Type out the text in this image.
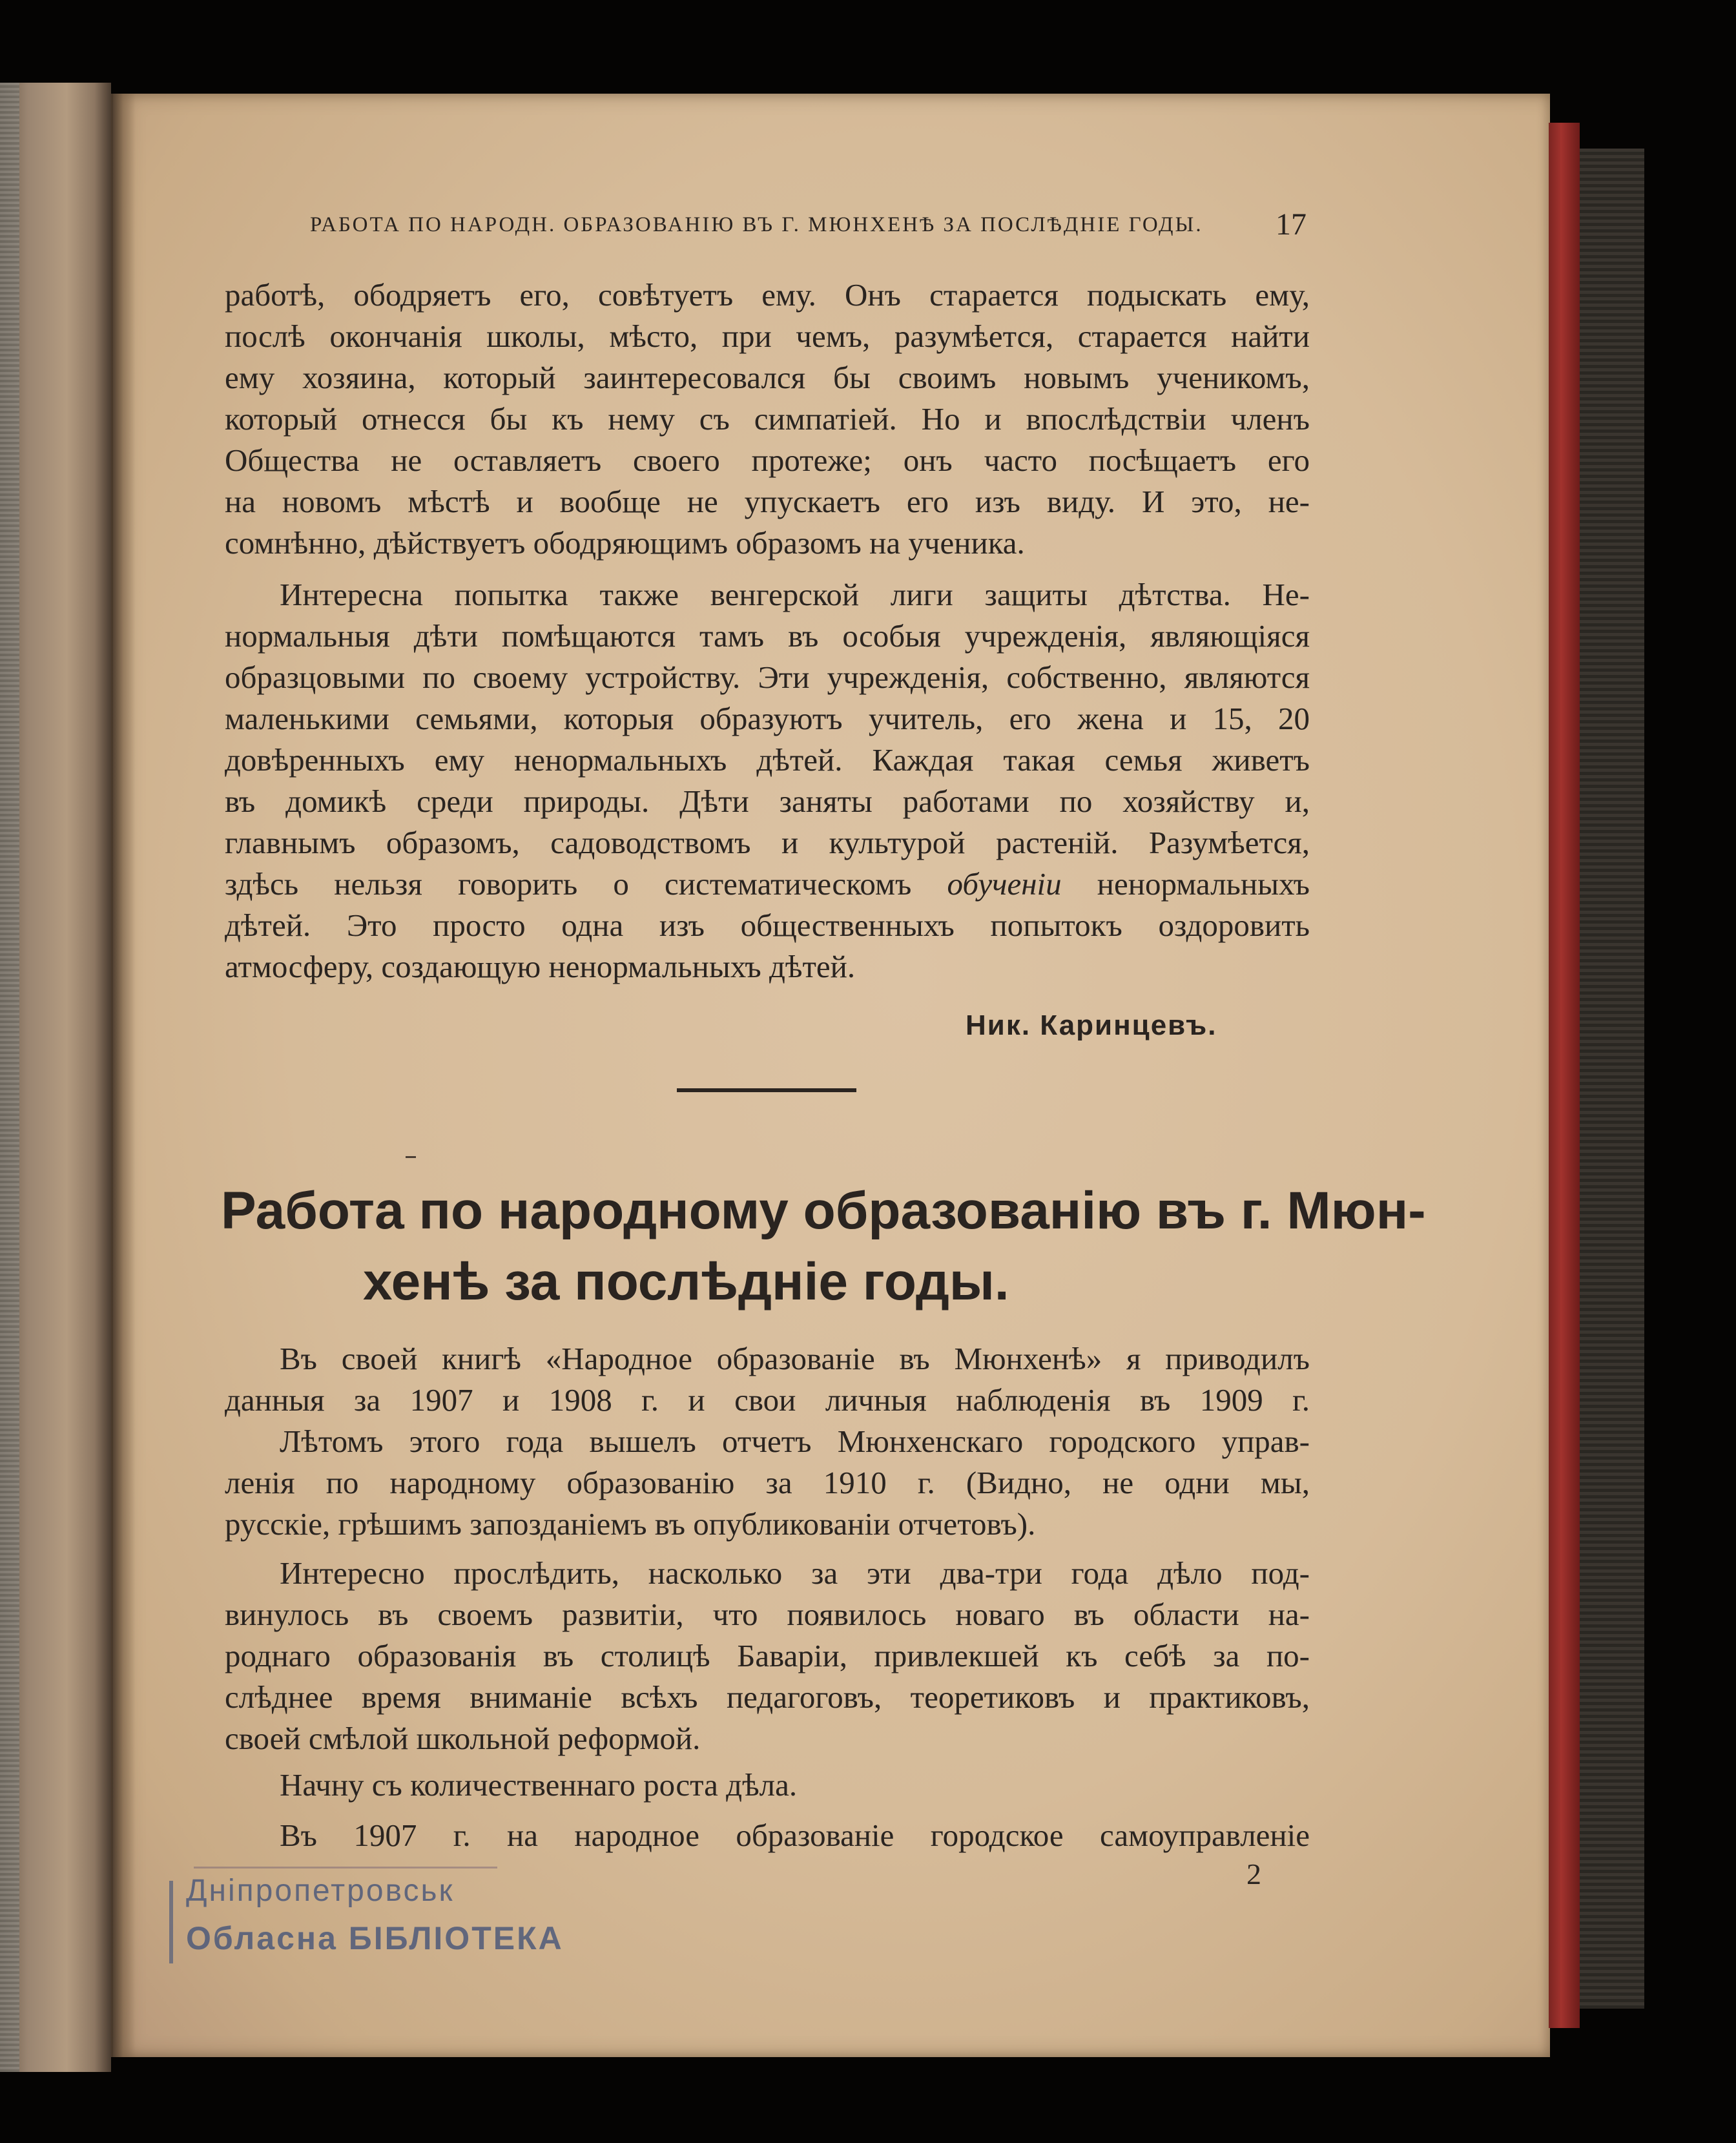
РАБОТА ПО НАРОДН. ОБРАЗОВАНІЮ ВЪ Г. МЮНХЕНѢ ЗА ПОСЛѢДНІЕ ГОДЫ.	17
работѣ, ободряетъ его, совѣтуетъ ему. Онъ старается подыскать ему,
послѣ окончанія школы, мѣсто, при чемъ, разумѣется, старается найти
ему хозяина, который заинтересовался бы своимъ новымъ ученикомъ,
который отнесся бы къ нему съ симпатіей. Но и впослѣдствіи членъ
Общества не оставляетъ своего протеже; онъ часто посѣщаетъ его
на новомъ мѣстѣ и вообще не упускаетъ его изъ виду. И это, не-
сомнѣнно, дѣйствуетъ ободряющимъ образомъ на ученика.
Интересна попытка также венгерской лиги защиты дѣтства. Не-
нормальныя дѣти помѣщаются тамъ въ особыя учрежденія, являющіяся
образцовыми по своему устройству. Эти учрежденія, собственно, являются
маленькими семьями, которыя образуютъ учитель, его жена и 15, 20
довѣренныхъ ему ненормальныхъ дѣтей. Каждая такая семья живетъ
въ домикѣ среди природы. Дѣти заняты работами по хозяйству и,
главнымъ образомъ, садоводствомъ и культурой растеній. Разумѣется,
здѣсь нельзя говорить о систематическомъ обученіи ненормальныхъ
дѣтей. Это просто одна изъ общественныхъ попытокъ оздоровить
атмосферу, создающую ненормальныхъ дѣтей.
Ник. Каринцевъ.
Работа по народному образованію въ г. Мюн-
хенѣ за послѣдніе годы.
Въ своей книгѣ «Народное образованіе въ Мюнхенѣ» я приводилъ
данныя за 1907 и 1908 г. и свои личныя наблюденія въ 1909 г.
Лѣтомъ этого года вышелъ отчетъ Мюнхенскаго городского управ-
ленія по народному образованію за 1910 г. (Видно, не одни мы,
русскіе, грѣшимъ запозданіемъ въ опубликованіи отчетовъ).
Интересно прослѣдить, насколько за эти два-три года дѣло под-
винулось въ своемъ развитіи, что появилось новаго въ области на-
роднаго образованія въ столицѣ Баваріи, привлекшей къ себѣ за по-
слѣднее время вниманіе всѣхъ педагоговъ, теоретиковъ и практиковъ,
своей смѣлой школьной реформой.
Начну съ количественнаго роста дѣла.
Въ 1907 г. на народное образованіе городское самоуправленіе
2
Дніпропетровськ
Обласна БІБЛІОТЕКА
